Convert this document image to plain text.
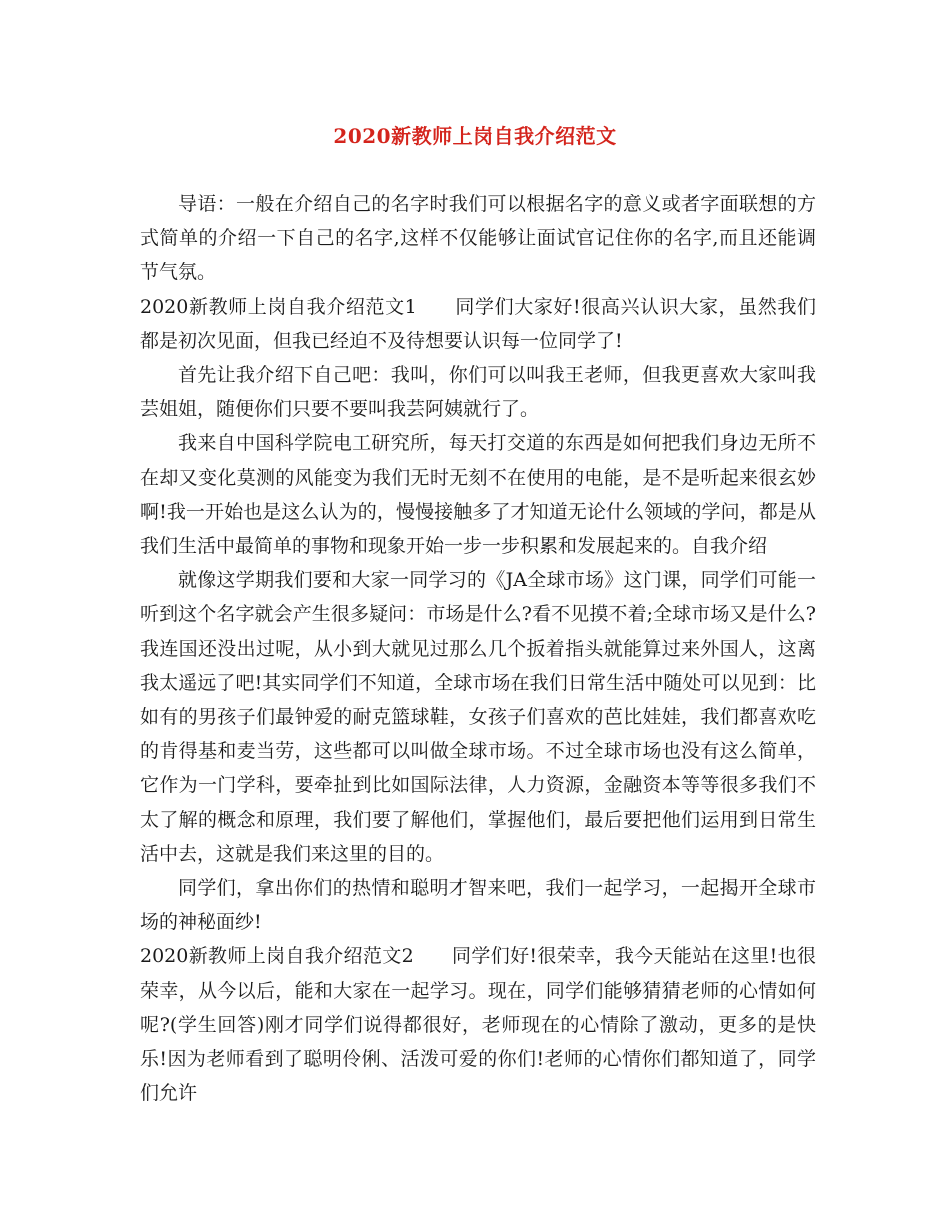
2020新教师上岗自我介绍范文

导语：一般在介绍自己的名字时我们可以根据名字的意义或者字面联想的方式简单的介绍一下自己的名字,这样不仅能够让面试官记住你的名字,而且还能调节气氛。

2020新教师上岗自我介绍范文1 同学们大家好!很高兴认识大家，虽然我们都是初次见面，但我已经迫不及待想要认识每一位同学了!

首先让我介绍下自己吧：我叫，你们可以叫我王老师，但我更喜欢大家叫我芸姐姐，随便你们只要不要叫我芸阿姨就行了。

我来自中国科学院电工研究所，每天打交道的东西是如何把我们身边无所不在却又变化莫测的风能变为我们无时无刻不在使用的电能，是不是听起来很玄妙啊!我一开始也是这么认为的，慢慢接触多了才知道无论什么领域的学问，都是从我们生活中最简单的事物和现象开始一步一步积累和发展起来的。自我介绍

就像这学期我们要和大家一同学习的《JA全球市场》这门课，同学们可能一听到这个名字就会产生很多疑问：市场是什么?看不见摸不着;全球市场又是什么?我连国还没出过呢，从小到大就见过那么几个扳着指头就能算过来外国人，这离我太遥远了吧!其实同学们不知道，全球市场在我们日常生活中随处可以见到：比如有的男孩子们最钟爱的耐克篮球鞋，女孩子们喜欢的芭比娃娃，我们都喜欢吃的肯得基和麦当劳，这些都可以叫做全球市场。不过全球市场也没有这么简单，它作为一门学科，要牵扯到比如国际法律，人力资源，金融资本等等很多我们不太了解的概念和原理，我们要了解他们，掌握他们，最后要把他们运用到日常生活中去，这就是我们来这里的目的。

同学们，拿出你们的热情和聪明才智来吧，我们一起学习，一起揭开全球市场的神秘面纱!

2020新教师上岗自我介绍范文2 同学们好!很荣幸，我今天能站在这里!也很荣幸，从今以后，能和大家在一起学习。现在，同学们能够猜猜老师的心情如何呢?(学生回答)刚才同学们说得都很好，老师现在的心情除了激动，更多的是快乐!因为老师看到了聪明伶俐、活泼可爱的你们!老师的心情你们都知道了，同学们允许
